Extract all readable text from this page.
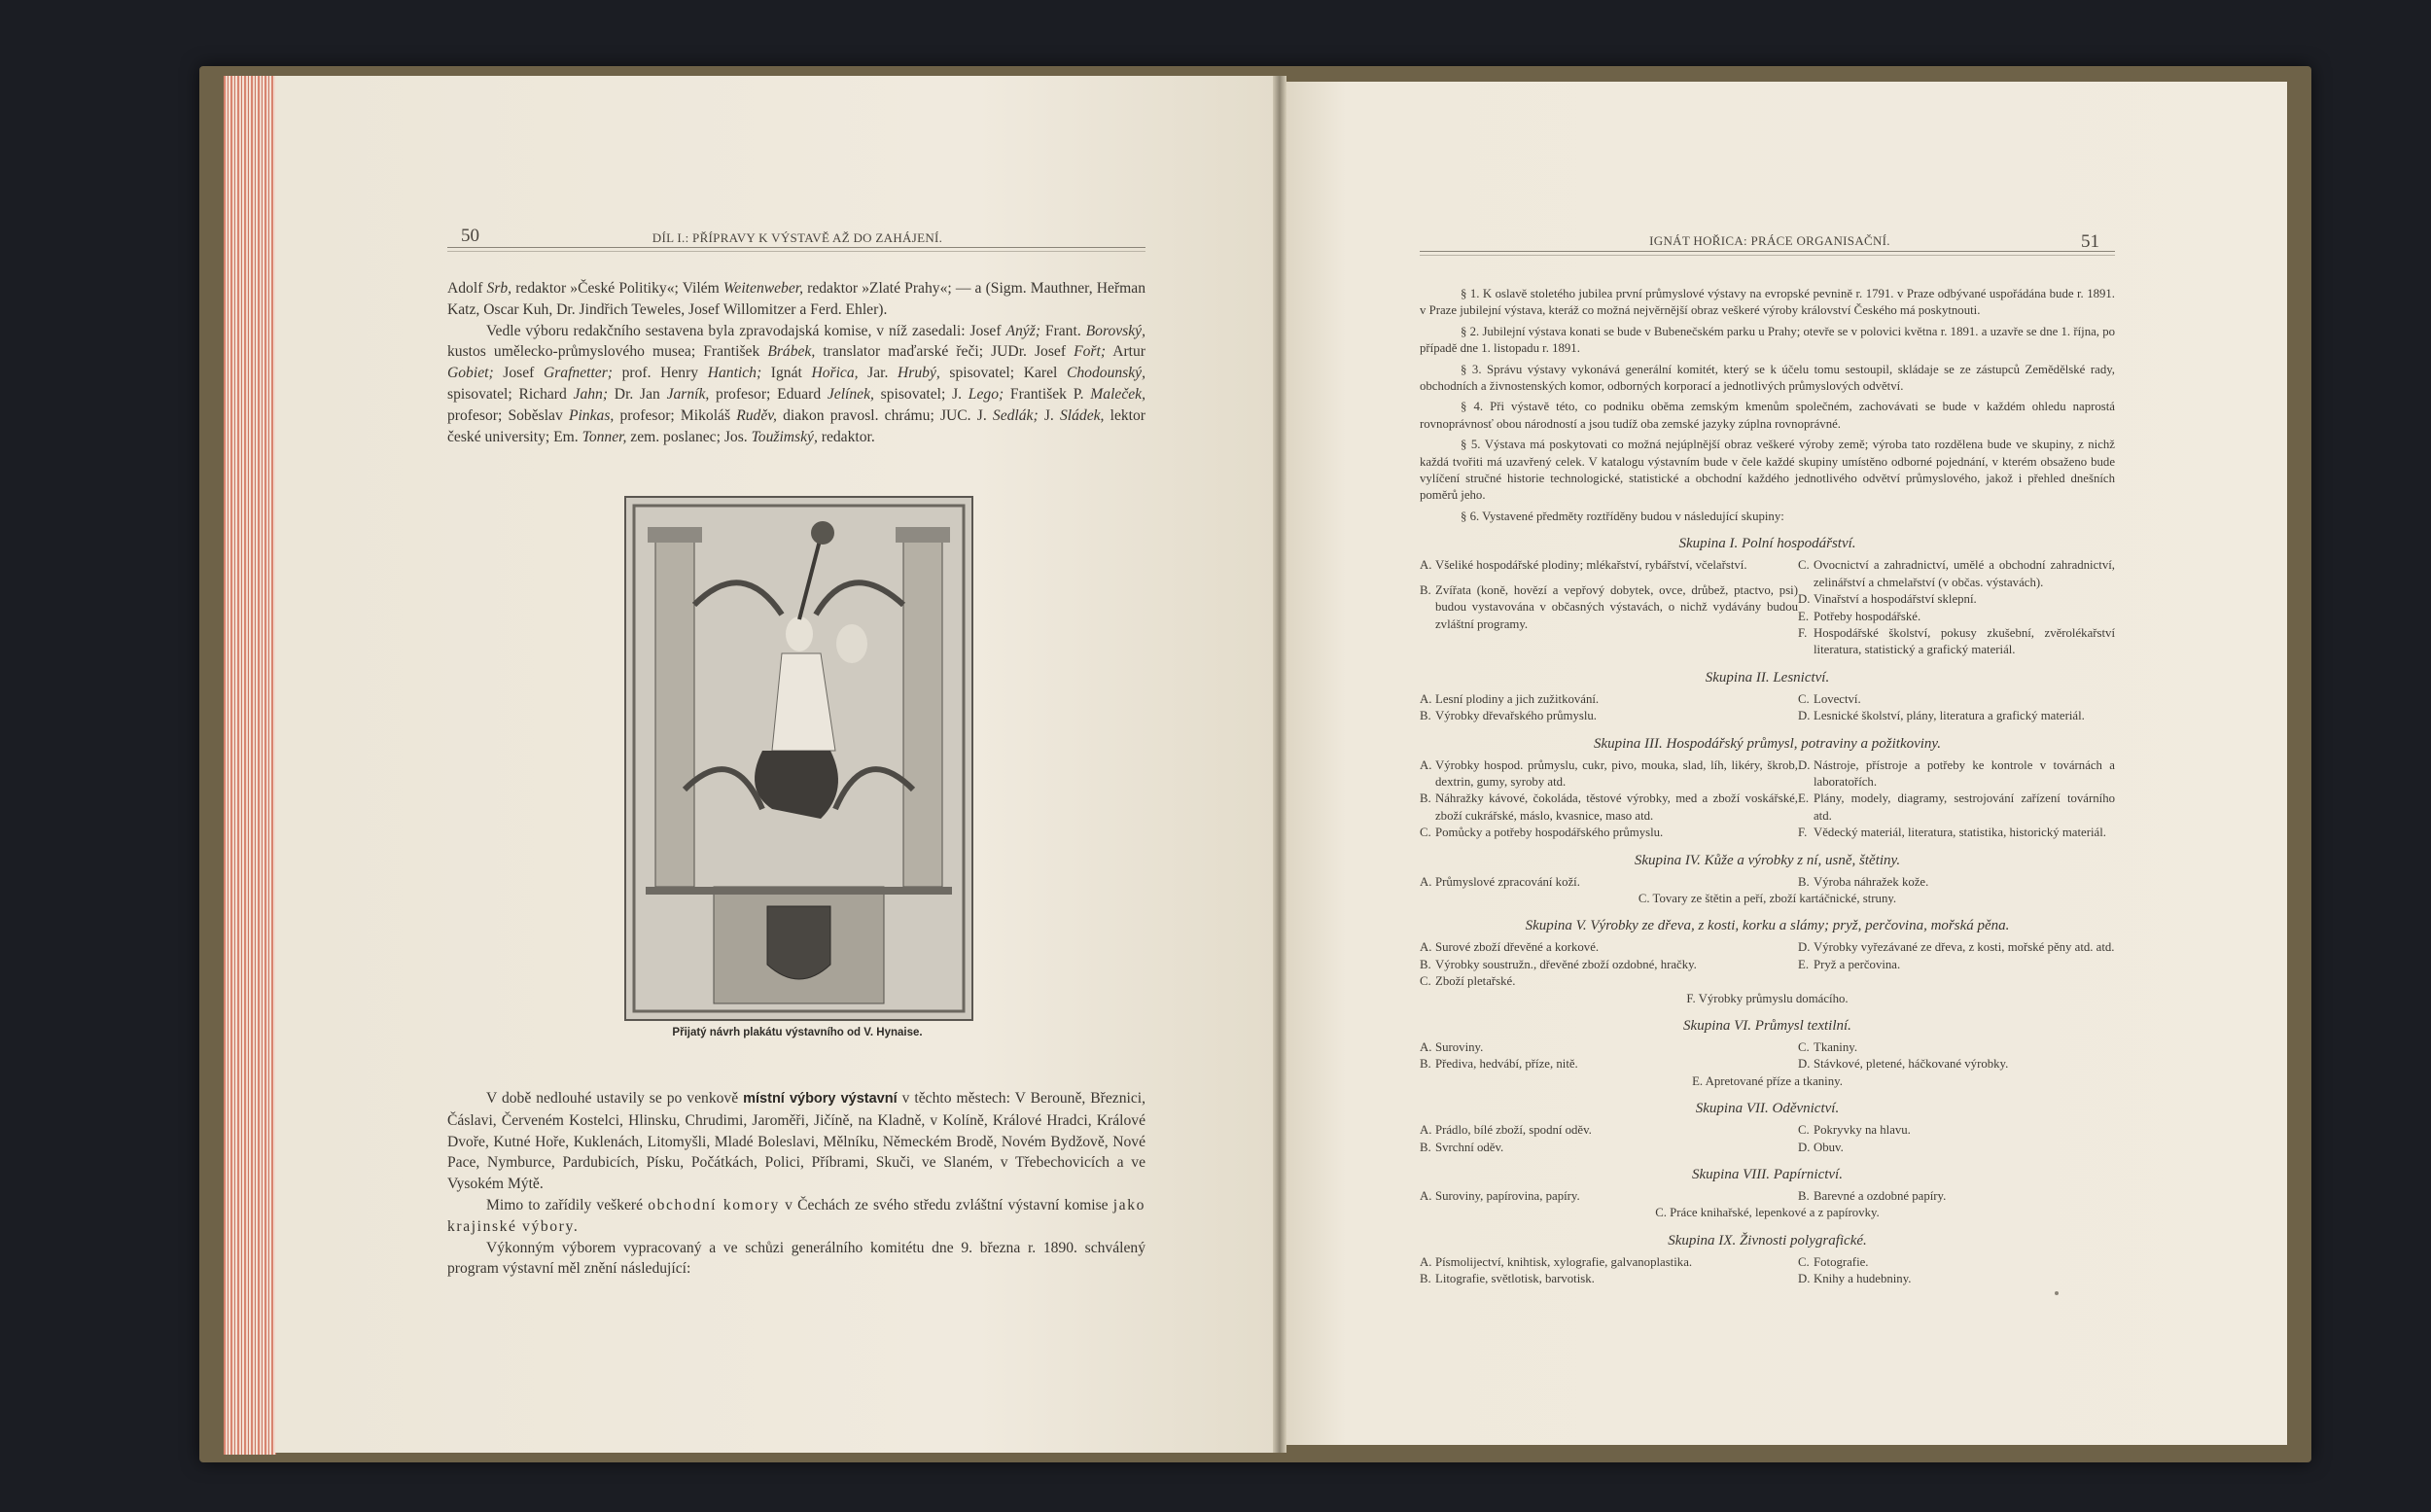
50	DÍL I.: PŘÍPRAVY K VÝSTAVĚ AŽ DO ZAHÁJENÍ.

Adolf Srb, redaktor »České Politiky«; Vilém Weitenweber, redaktor »Zlaté Prahy«; — a (Sigm. Mauthner, Heřman Katz, Oscar Kuh, Dr. Jindřich Teweles, Josef Willomitzer a Ferd. Ehler).

Vedle výboru redakčního sestavena byla zpravodajská komise, v níž zasedali: Josef Anýž; Frant. Borovský, kustos umělecko-průmyslového musea; František Brábek, translator maďarské řeči; JUDr. Josef Fořt; Artur Gobiet; Josef Grafnetter; prof. Henry Hantich; Ignát Hořica, Jar. Hrubý, spisovatel; Karel Chodounský, spisovatel; Richard Jahn; Dr. Jan Jarník, profesor; Eduard Jelínek, spisovatel; J. Lego; František P. Maleček, profesor; Soběslav Pinkas, profesor; Mikoláš Ruděv, diakon pravosl. chrámu; JUC. J. Sedlák; J. Sládek, lektor české university; Em. Tonner, zem. poslanec; Jos. Toužimský, redaktor.

Přijatý návrh plakátu výstavního od V. Hynaise.

V době nedlouhé ustavily se po venkově místní výbory výstavní v těchto městech: V Berouně, Březnici, Čáslavi, Červeném Kostelci, Hlinsku, Chrudimi, Jaroměři, Jičíně, na Kladně, v Kolíně, Králové Hradci, Králové Dvoře, Kutné Hoře, Kuklenách, Litomyšli, Mladé Boleslavi, Mělníku, Německém Brodě, Novém Bydžově, Nové Pace, Nymburce, Pardubicích, Písku, Počátkách, Polici, Příbrami, Skuči, ve Slaném, v Třebechovicích a ve Vysokém Mýtě.

Mimo to zařídily veškeré obchodní komory v Čechách ze svého středu zvláštní výstavní komise jako krajinské výbory.

Výkonným výborem vypracovaný a ve schůzi generálního komitétu dne 9. března r. 1890. schválený program výstavní měl znění následující:

IGNÁT HOŘICA: PRÁCE ORGANISAČNÍ.	51

§ 1. K oslavě stoletého jubilea první průmyslové výstavy na evropské pevnině r. 1791. v Praze odbývané uspořádána bude r. 1891. v Praze jubilejní výstava, kteráž co možná nejvěrnější obraz veškeré výroby království Českého má poskytnouti.

§ 2. Jubilejní výstava konati se bude v Bubenečském parku u Prahy; otevře se v polovici května r. 1891. a uzavře se dne 1. října, po případě dne 1. listopadu r. 1891.

§ 3. Správu výstavy vykonává generální komitét, který se k účelu tomu sestoupil, skládaje se ze zástupců Zemědělské rady, obchodních a živnostenských komor, odborných korporací a jednotlivých průmyslových odvětví.

§ 4. Při výstavě této, co podniku oběma zemským kmenům společném, zachovávati se bude v každém ohledu naprostá rovnoprávnosť obou národností a jsou tudíž oba zemské jazyky zúplna rovnoprávné.

§ 5. Výstava má poskytovati co možná nejúplnější obraz veškeré výroby země; výroba tato rozdělena bude ve skupiny, z nichž každá tvořiti má uzavřený celek. V katalogu výstavním bude v čele každé skupiny umístěno odborné pojednání, v kterém obsaženo bude vylíčení stručné historie technologické, statistické a obchodní každého jednotlivého odvětví průmyslového, jakož i přehled dnešních poměrů jeho.

§ 6. Vystavené předměty roztříděny budou v následující skupiny:

Skupina I. Polní hospodářství.
A. Všeliké hospodářské plodiny; mlékařství, rybářství, včelařství.
B. Zvířata (koně, hovězí a vepřový dobytek, ovce, drůbež, ptactvo, psi) budou vystavována v občasných výstavách, o nichž vydávány budou zvláštní programy.
C. Ovocnictví a zahradnictví, umělé a obchodní zahradnictví, zelinářství a chmelařství (v občas. výstavách).
D. Vinařství a hospodářství sklepní.
E. Potřeby hospodářské.
F. Hospodářské školství, pokusy zkušební, zvěrolékařství literatura, statistický a grafický materiál.
Skupina II. Lesnictví.
A. Lesní plodiny a jich zužitkování.
B. Výrobky dřevařského průmyslu.
C. Lovectví.
D. Lesnické školství, plány, literatura a grafický materiál.
Skupina III. Hospodářský průmysl, potraviny a požitkoviny.
A. Výrobky hospod. průmyslu, cukr, pivo, mouka, slad, líh, likéry, škrob, dextrin, gumy, syroby atd.
B. Náhražky kávové, čokoláda, těstové výrobky, med a zboží voskářské, zboží cukrářské, máslo, kvasnice, maso atd.
C. Pomůcky a potřeby hospodářského průmyslu.
D. Nástroje, přístroje a potřeby ke kontrole v továrnách a laboratořích.
E. Plány, modely, diagramy, sestrojování zařízení továrního atd.
F. Vědecký materiál, literatura, statistika, historický materiál.
Skupina IV. Kůže a výrobky z ní, usně, štětiny.
A. Průmyslové zpracování koží.	B. Výroba náhražek kože.
C. Tovary ze štětin a peří, zboží kartáčnické, struny.
Skupina V. Výrobky ze dřeva, z kosti, korku a slámy; pryž, perčovina, mořská pěna.
A. Surové zboží dřevěné a korkové.
B. Výrobky soustružn., dřevěné zboží ozdobné, hračky.
C. Zboží pletařské.
D. Výrobky vyřezávané ze dřeva, z kosti, mořské pěny atd. atd.
E. Pryž a perčovina.
F. Výrobky průmyslu domácího.
Skupina VI. Průmysl textilní.
A. Suroviny.
B. Přediva, hedvábí, příze, nitě.
C. Tkaniny.
D. Stávkové, pletené, háčkované výrobky.
E. Apretované příze a tkaniny.
Skupina VII. Oděvnictví.
A. Prádlo, bílé zboží, spodní oděv.
B. Svrchní oděv.
C. Pokryvky na hlavu.
D. Obuv.
Skupina VIII. Papírnictví.
A. Suroviny, papírovina, papíry.	B. Barevné a ozdobné papíry.
C. Práce knihařské, lepenkové a z papírovky.
Skupina IX. Živnosti polygrafické.
A. Písmolijectví, knihtisk, xylografie, galvanoplastika.
B. Litografie, světlotisk, barvotisk.
C. Fotografie.
D. Knihy a hudebniny.
